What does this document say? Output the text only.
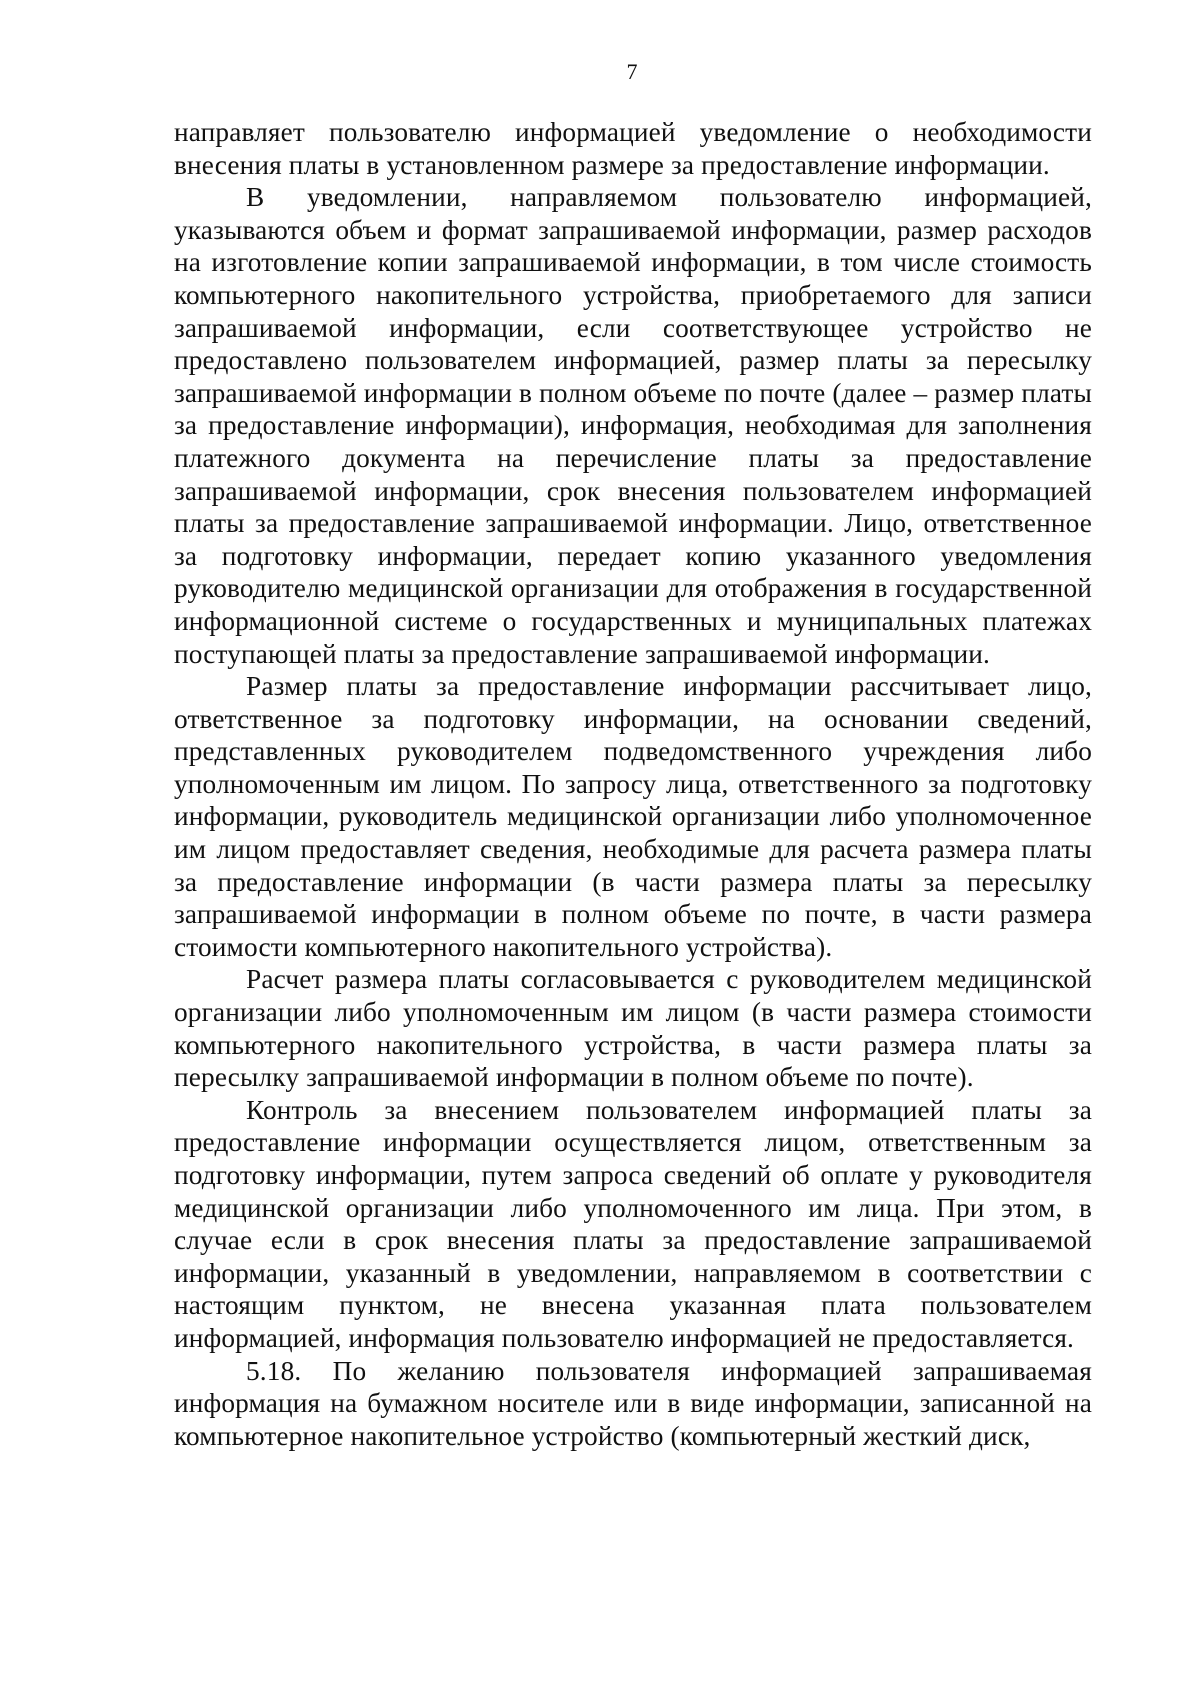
7

направляет пользователю информацией уведомление о необходимости внесения платы в установленном размере за предоставление информации.

В уведомлении, направляемом пользователю информацией, указываются объем и формат запрашиваемой информации, размер расходов на изготовление копии запрашиваемой информации, в том числе стоимость компьютерного накопительного устройства, приобретаемого для записи запрашиваемой информации, если соответствующее устройство не предоставлено пользователем информацией, размер платы за пересылку запрашиваемой информации в полном объеме по почте (далее – размер платы за предоставление информации), информация, необходимая для заполнения платежного документа на перечисление платы за предоставление запрашиваемой информации, срок внесения пользователем информацией платы за предоставление запрашиваемой информации. Лицо, ответственное за подготовку информации, передает копию указанного уведомления руководителю медицинской организации для отображения в государственной информационной системе о государственных и муниципальных платежах поступающей платы за предоставление запрашиваемой информации.

Размер платы за предоставление информации рассчитывает лицо, ответственное за подготовку информации, на основании сведений, представленных руководителем подведомственного учреждения либо уполномоченным им лицом. По запросу лица, ответственного за подготовку информации, руководитель медицинской организации либо уполномоченное им лицом предоставляет сведения, необходимые для расчета размера платы за предоставление информации (в части размера платы за пересылку запрашиваемой информации в полном объеме по почте, в части размера стоимости компьютерного накопительного устройства).

Расчет размера платы согласовывается с руководителем медицинской организации либо уполномоченным им лицом (в части размера стоимости компьютерного накопительного устройства, в части размера платы за пересылку запрашиваемой информации в полном объеме по почте).

Контроль за внесением пользователем информацией платы за предоставление информации осуществляется лицом, ответственным за подготовку информации, путем запроса сведений об оплате у руководителя медицинской организации либо уполномоченного им лица. При этом, в случае если в срок внесения платы за предоставление запрашиваемой информации, указанный в уведомлении, направляемом в соответствии с настоящим пунктом, не внесена указанная плата пользователем информацией, информация пользователю информацией не предоставляется.

5.18. По желанию пользователя информацией запрашиваемая информация на бумажном носителе или в виде информации, записанной на компьютерное накопительное устройство (компьютерный жесткий диск,
